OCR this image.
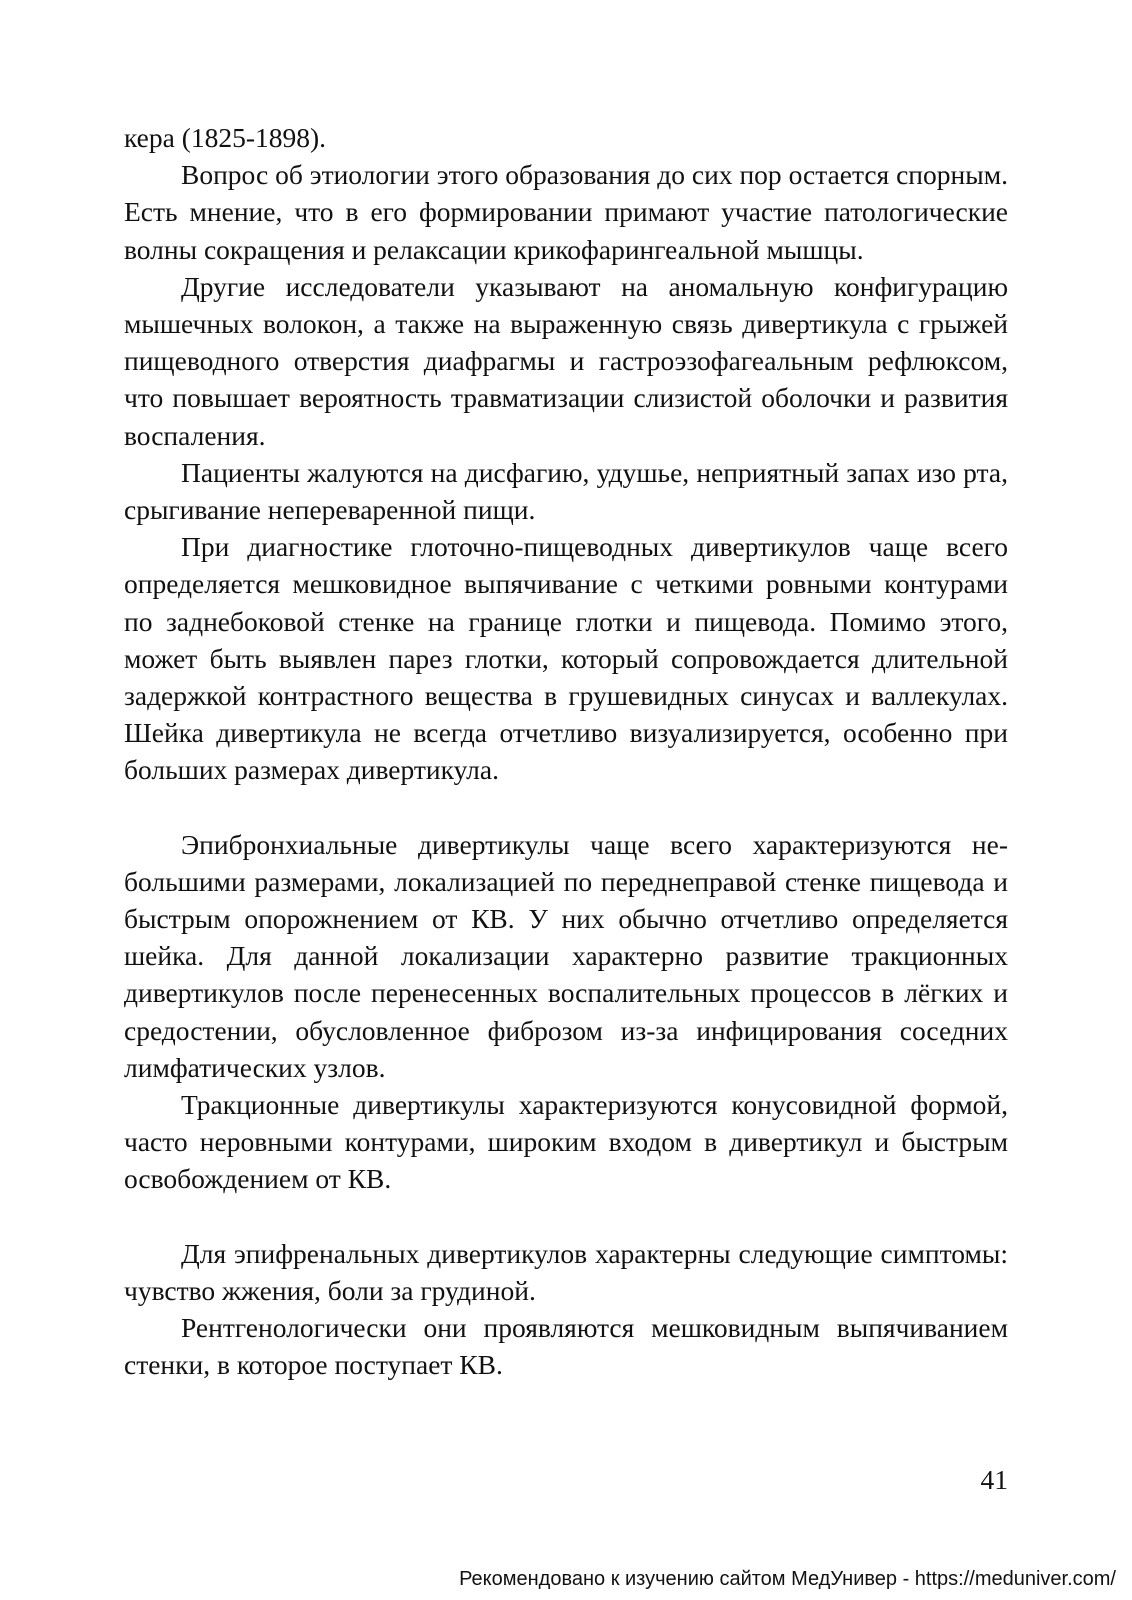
кера (1825-1898).

Вопрос об этиологии этого образования до сих пор остается спорным. Есть мнение, что в его формировании примают участие патологические волны сокращения и релаксации крикофарингеальной мышцы.

Другие исследователи указывают на аномальную конфигурацию мышечных волокон, а также на выраженную связь дивертикула с грыжей пищеводного отверстия диафрагмы и гастроэзофагеальным рефлюксом, что повышает вероятность травматизации слизистой оболочки и развития воспаления.

Пациенты жалуются на дисфагию, удушье, неприятный запах изо рта, срыгивание непереваренной пищи.

При диагностике глоточно-пищеводных дивертикулов чаще всего определяется мешковидное выпячивание с четкими ровными контурами по заднебоковой стенке на границе глотки и пищевода. Помимо этого, может быть выявлен парез глотки, который сопровождается длительной задержкой контрастного вещества в грушевидных синусах и валлекулах. Шейка дивертикула не всегда отчетливо визуализируется, особенно при больших размерах дивертикула.

Эпибронхиальные дивертикулы чаще всего характеризуются небольшими размерами, локализацией по переднеправой стенке пищевода и быстрым опорожнением от КВ. У них обычно отчетливо определяется шейка. Для данной локализации характерно развитие тракционных дивертикулов после перенесенных воспалительных процессов в лёгких и средостении, обусловленное фиброзом из-за инфицирования соседних лимфатических узлов.

Тракционные дивертикулы характеризуются конусовидной формой, часто неровными контурами, широким входом в дивертикул и быстрым освобождением от КВ.

Для эпифренальных дивертикулов характерны следующие симптомы: чувство жжения, боли за грудиной.

Рентгенологически они проявляются мешковидным выпячиванием стенки, в которое поступает КВ.

41
Рекомендовано к изучению сайтом МедУнивер - https://meduniver.com/
